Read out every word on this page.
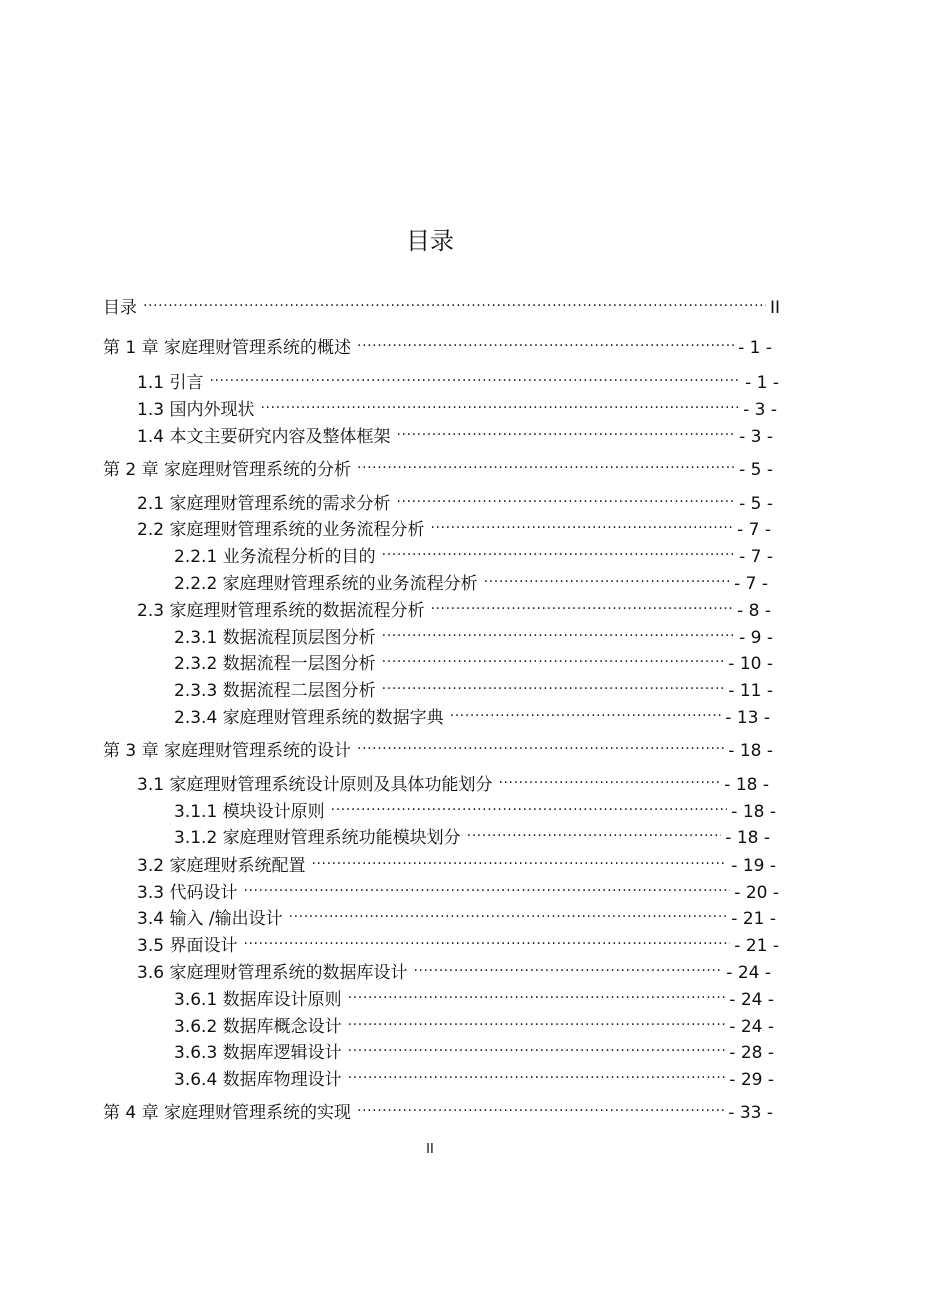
目录
目录 .....	II
第 1 章 家庭理财管理系统的概述 .....	- 1 -
1.1 引言 .....	- 1 -
1.3 国内外现状 .....	- 3 -
1.4 本文主要研究内容及整体框架 .....	- 3 -
第 2 章 家庭理财管理系统的分析 .....	- 5 -
2.1 家庭理财管理系统的需求分析 .....	- 5 -
2.2 家庭理财管理系统的业务流程分析 .....	- 7 -
2.2.1 业务流程分析的目的 .....	- 7 -
2.2.2 家庭理财管理系统的业务流程分析 .....	- 7 -
2.3 家庭理财管理系统的数据流程分析 .....	- 8 -
2.3.1 数据流程顶层图分析 .....	- 9 -
2.3.2 数据流程一层图分析 .....	- 10 -
2.3.3 数据流程二层图分析 .....	- 11 -
2.3.4 家庭理财管理系统的数据字典 .....	- 13 -
第 3 章 家庭理财管理系统的设计 .....	- 18 -
3.1 家庭理财管理系统设计原则及具体功能划分 .....	- 18 -
3.1.1 模块设计原则 .....	- 18 -
3.1.2 家庭理财管理系统功能模块划分 .....	- 18 -
3.2 家庭理财系统配置 .....	- 19 -
3.3 代码设计 .....	- 20 -
3.4 输入 /输出设计 .....	- 21 -
3.5 界面设计 .....	- 21 -
3.6 家庭理财管理系统的数据库设计 .....	- 24 -
3.6.1 数据库设计原则 .....	- 24 -
3.6.2 数据库概念设计 .....	- 24 -
3.6.3 数据库逻辑设计 .....	- 28 -
3.6.4 数据库物理设计 .....	- 29 -
第 4 章 家庭理财管理系统的实现 .....	- 33 -
II
